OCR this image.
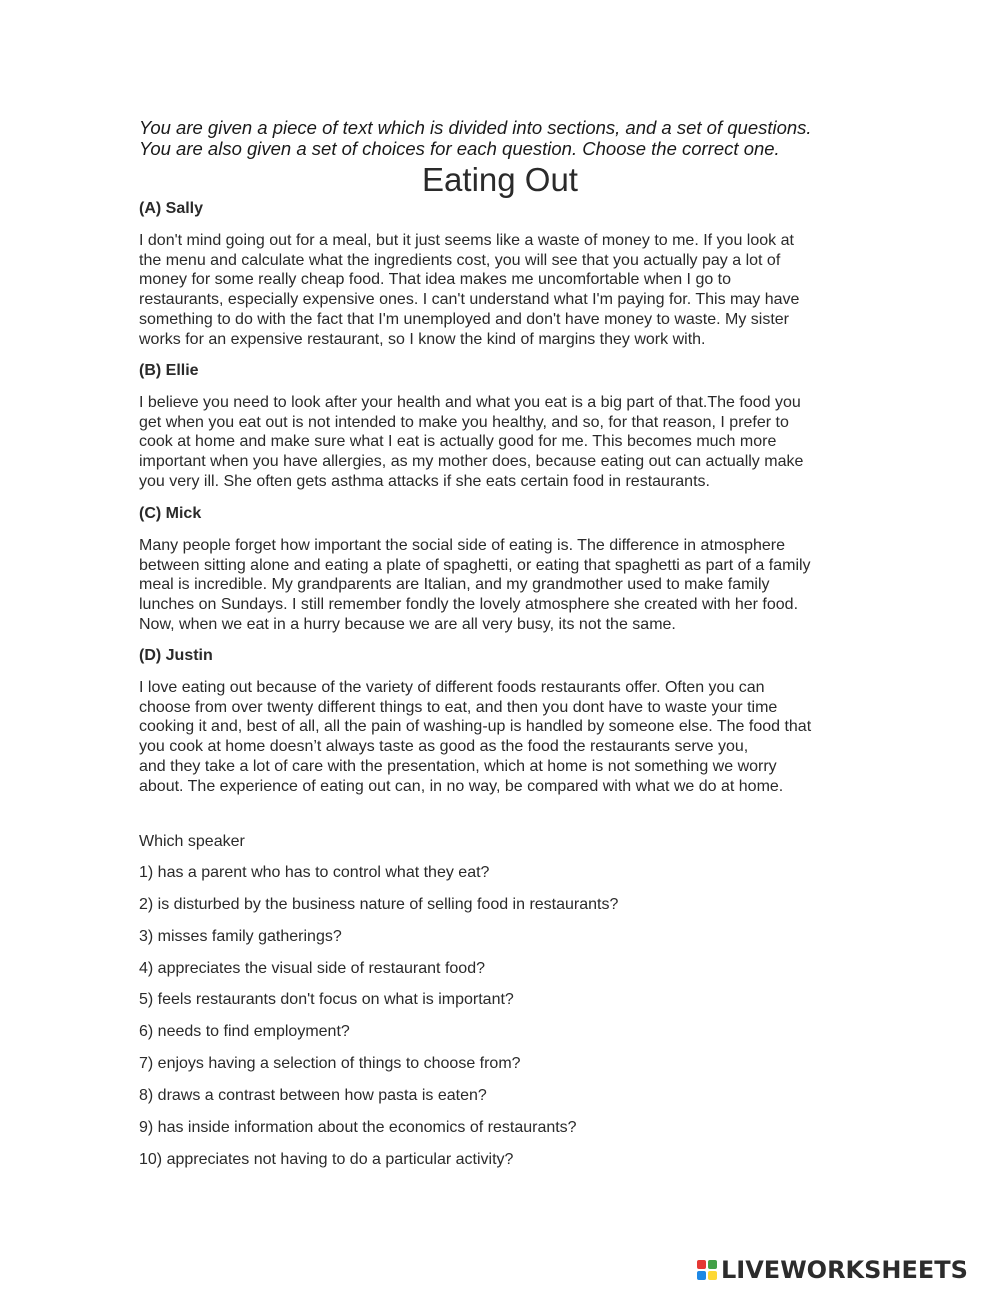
You are given a piece of text which is divided into sections, and a set of questions.
You are also given a set of choices for each question. Choose the correct one.
Eating Out
(A) Sally
I don't mind going out for a meal, but it just seems like a waste of money to me. If you look at
the menu and calculate what the ingredients cost, you will see that you actually pay a lot of
money for some really cheap food. That idea makes me uncomfortable when I go to
restaurants, especially expensive ones. I can't understand what I'm paying for. This may have
something to do with the fact that I'm unemployed and don't have money to waste. My sister
works for an expensive restaurant, so I know the kind of margins they work with.
(B) Ellie
I believe you need to look after your health and what you eat is a big part of that.The food you
get when you eat out is not intended to make you healthy, and so, for that reason, I prefer to
cook at home and make sure what I eat is actually good for me. This becomes much more
important when you have allergies, as my mother does, because eating out can actually make
you very ill. She often gets asthma attacks if she eats certain food in restaurants.
(C) Mick
Many people forget how important the social side of eating is. The difference in atmosphere
between sitting alone and eating a plate of spaghetti, or eating that spaghetti as part of a family
meal is incredible. My grandparents are Italian, and my grandmother used to make family
lunches on Sundays. I still remember fondly the lovely atmosphere she created with her food.
Now, when we eat in a hurry because we are all very busy, its not the same.
(D) Justin
I love eating out because of the variety of different foods restaurants offer. Often you can
choose from over twenty different things to eat, and then you dont have to waste your time
cooking it and, best of all, all the pain of washing-up is handled by someone else. The food that
you cook at home doesn’t always taste as good as the food the restaurants serve you,
and they take a lot of care with the presentation, which at home is not something we worry
about. The experience of eating out can, in no way, be compared with what we do at home.
Which speaker
1) has a parent who has to control what they eat?
2) is disturbed by the business nature of selling food in restaurants?
3) misses family gatherings?
4) appreciates the visual side of restaurant food?
5) feels restaurants don't focus on what is important?
6) needs to find employment?
7) enjoys having a selection of things to choose from?
8) draws a contrast between how pasta is eaten?
9) has inside information about the economics of restaurants?
10) appreciates not having to do a particular activity?
LIVEWORKSHEETS
